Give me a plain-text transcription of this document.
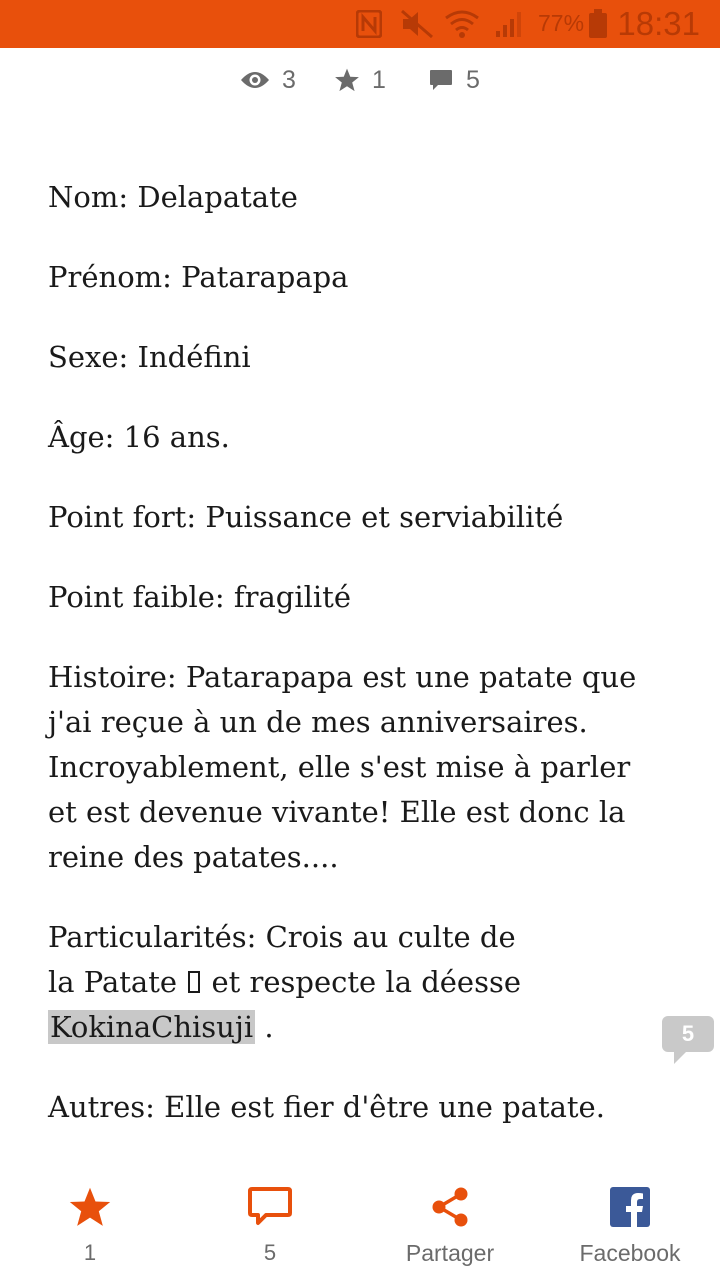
77% 18:31
3	1	5

Nom: Delapatate

Prénom: Patarapapa

Sexe: Indéfini

Âge: 16 ans.

Point fort: Puissance et serviabilité

Point faible: fragilité

Histoire: Patarapapa est une patate que j'ai reçue à un de mes anniversaires. Incroyablement, elle s'est mise à parler et est devenue vivante! Elle est donc la reine des patates....

Particularités: Crois au culte de
la Patate et respecte la déesse
KokinaChisuji .

Autres: Elle est fier d'être une patate.

5
1	5	Partager	Facebook
